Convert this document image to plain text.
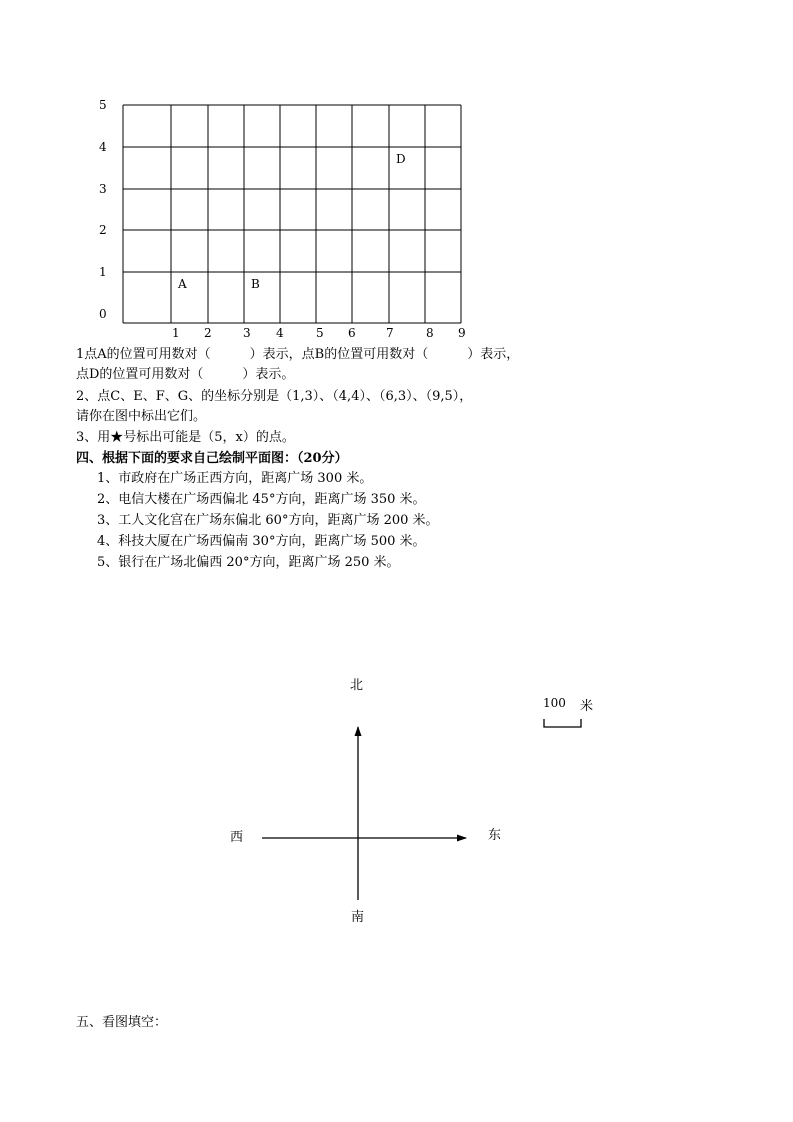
0
1
2
3
4
5
1 2	3 4	5 6	7	8 9
A	B
D
1点A的位置可用数对（　　　）表示，点B的位置可用数对（　　　）表示，
点D的位置可用数对（　　　）表示。
2、点C、E、F、G、的坐标分别是（1,3）、（4,4）、（6,3）、（9,5），
请你在图中标出它们。
3、用★号标出可能是（5，x）的点。
四、根据下面的要求自己绘制平面图：（20分）
1、市政府在广场正西方向，距离广场 300 米。
2、电信大楼在广场西偏北 45°方向，距离广场 350 米。
3、工人文化宫在广场东偏北 60°方向，距离广场 200 米。
4、科技大厦在广场西偏南 30°方向，距离广场 500 米。
5、银行在广场北偏西 20°方向，距离广场 250 米。
北
南
西	东
100 米
五、看图填空：
